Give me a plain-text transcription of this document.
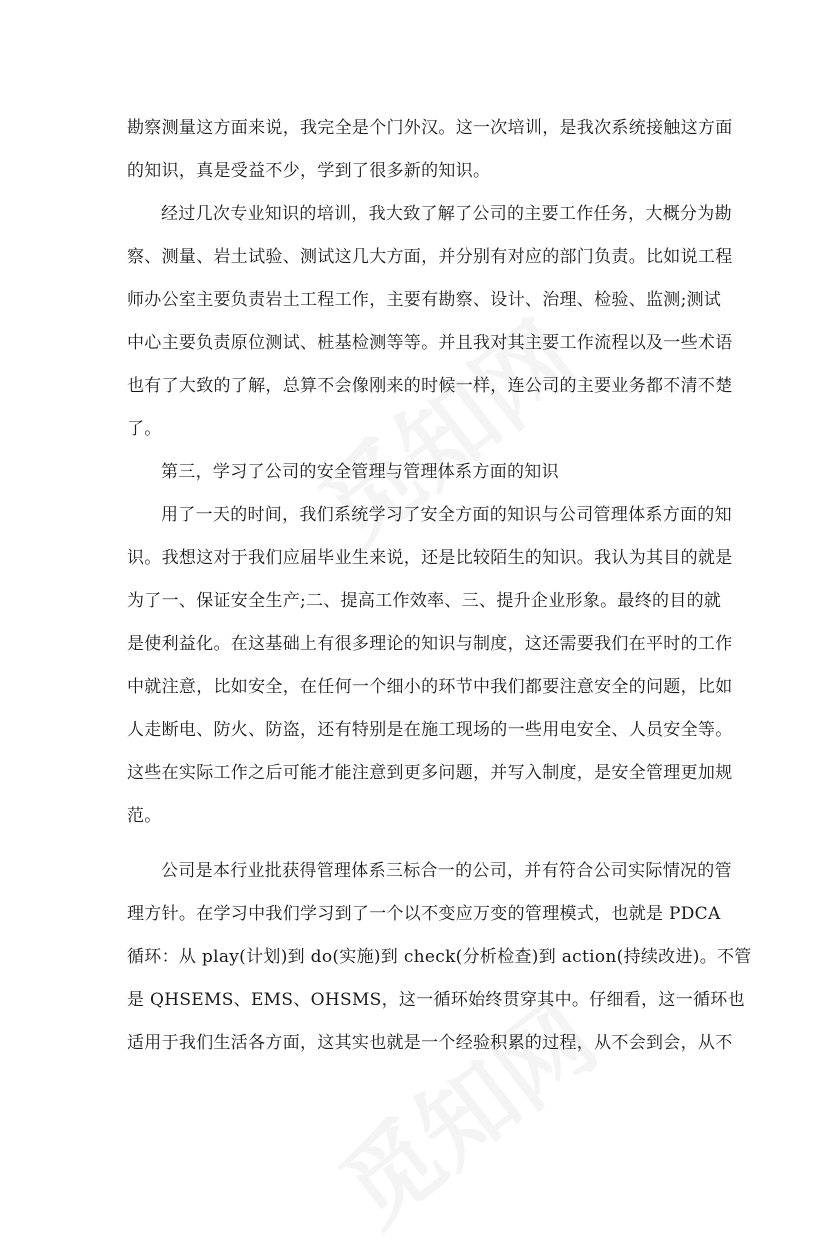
勘察测量这方面来说，我完全是个门外汉。这一次培训，是我次系统接触这方面
的知识，真是受益不少，学到了很多新的知识。
经过几次专业知识的培训，我大致了解了公司的主要工作任务，大概分为勘
察、测量、岩土试验、测试这几大方面，并分别有对应的部门负责。比如说工程
师办公室主要负责岩土工程工作，主要有勘察、设计、治理、检验、监测;测试
中心主要负责原位测试、桩基检测等等。并且我对其主要工作流程以及一些术语
也有了大致的了解，总算不会像刚来的时候一样，连公司的主要业务都不清不楚
了。
第三，学习了公司的安全管理与管理体系方面的知识
用了一天的时间，我们系统学习了安全方面的知识与公司管理体系方面的知
识。我想这对于我们应届毕业生来说，还是比较陌生的知识。我认为其目的就是
为了一、保证安全生产;二、提高工作效率、三、提升企业形象。最终的目的就
是使利益化。在这基础上有很多理论的知识与制度，这还需要我们在平时的工作
中就注意，比如安全，在任何一个细小的环节中我们都要注意安全的问题，比如
人走断电、防火、防盗，还有特别是在施工现场的一些用电安全、人员安全等。
这些在实际工作之后可能才能注意到更多问题，并写入制度，是安全管理更加规
范。
公司是本行业批获得管理体系三标合一的公司，并有符合公司实际情况的管
理方针。在学习中我们学习到了一个以不变应万变的管理模式，也就是 PDCA
循环：从 play(计划)到 do(实施)到 check(分析检查)到 action(持续改进)。不管
是 QHSEMS、EMS、OHSMS，这一循环始终贯穿其中。仔细看，这一循环也
适用于我们生活各方面，这其实也就是一个经验积累的过程，从不会到会，从不
